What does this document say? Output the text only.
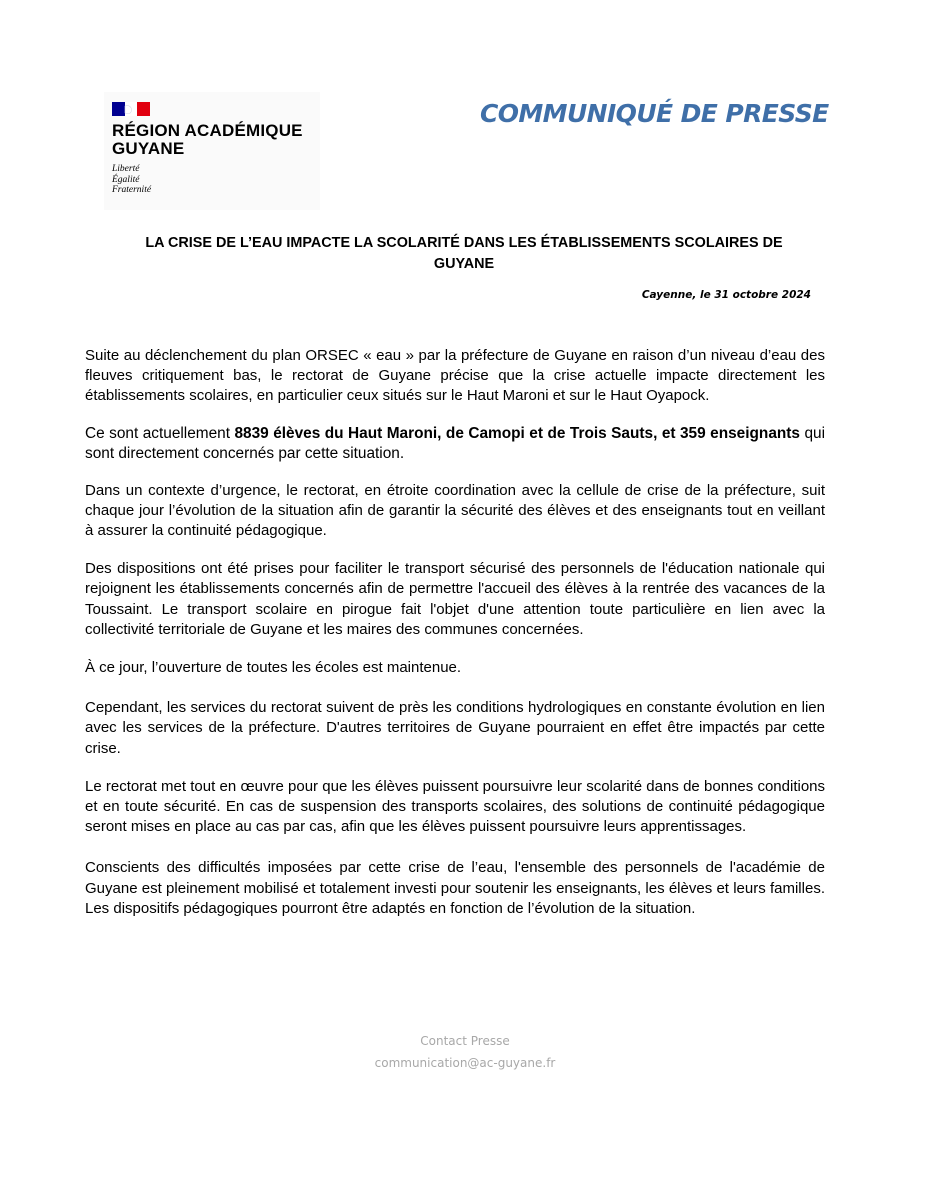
RÉGION ACADÉMIQUE
GUYANE
Liberté
Égalité
Fraternité
COMMUNIQUÉ DE PRESSE
LA CRISE DE L’EAU IMPACTE LA SCOLARITÉ DANS LES ÉTABLISSEMENTS SCOLAIRES DE
GUYANE
Cayenne, le 31 octobre 2024

Suite au déclenchement du plan ORSEC « eau » par la préfecture de Guyane en raison d’un niveau d’eau des fleuves critiquement bas, le rectorat de Guyane précise que la crise actuelle impacte directement les établissements scolaires, en particulier ceux situés sur le Haut Maroni et sur le Haut Oyapock.

Ce sont actuellement 8839 élèves du Haut Maroni, de Camopi et de Trois Sauts, et 359 enseignants qui sont directement concernés par cette situation.

Dans un contexte d’urgence, le rectorat, en étroite coordination avec la cellule de crise de la préfecture, suit chaque jour l’évolution de la situation afin de garantir la sécurité des élèves et des enseignants tout en veillant à assurer la continuité pédagogique.

Des dispositions ont été prises pour faciliter le transport sécurisé des personnels de l'éducation nationale qui rejoignent les établissements concernés afin de permettre l'accueil des élèves à la rentrée des vacances de la Toussaint. Le transport scolaire en pirogue fait l'objet d'une attention toute particulière en lien avec la collectivité territoriale de Guyane et les maires des communes concernées.

À ce jour, l’ouverture de toutes les écoles est maintenue.

Cependant, les services du rectorat suivent de près les conditions hydrologiques en constante évolution en lien avec les services de la préfecture. D'autres territoires de Guyane pourraient en effet être impactés par cette crise.

Le rectorat met tout en œuvre pour que les élèves puissent poursuivre leur scolarité dans de bonnes conditions et en toute sécurité. En cas de suspension des transports scolaires, des solutions de continuité pédagogique seront mises en place au cas par cas, afin que les élèves puissent poursuivre leurs apprentissages.

Conscients des difficultés imposées par cette crise de l’eau, l'ensemble des personnels de l'académie de Guyane est pleinement mobilisé et totalement investi pour soutenir les enseignants, les élèves et leurs familles. Les dispositifs pédagogiques pourront être adaptés en fonction de l’évolution de la situation.

Contact Presse
communication@ac-guyane.fr
